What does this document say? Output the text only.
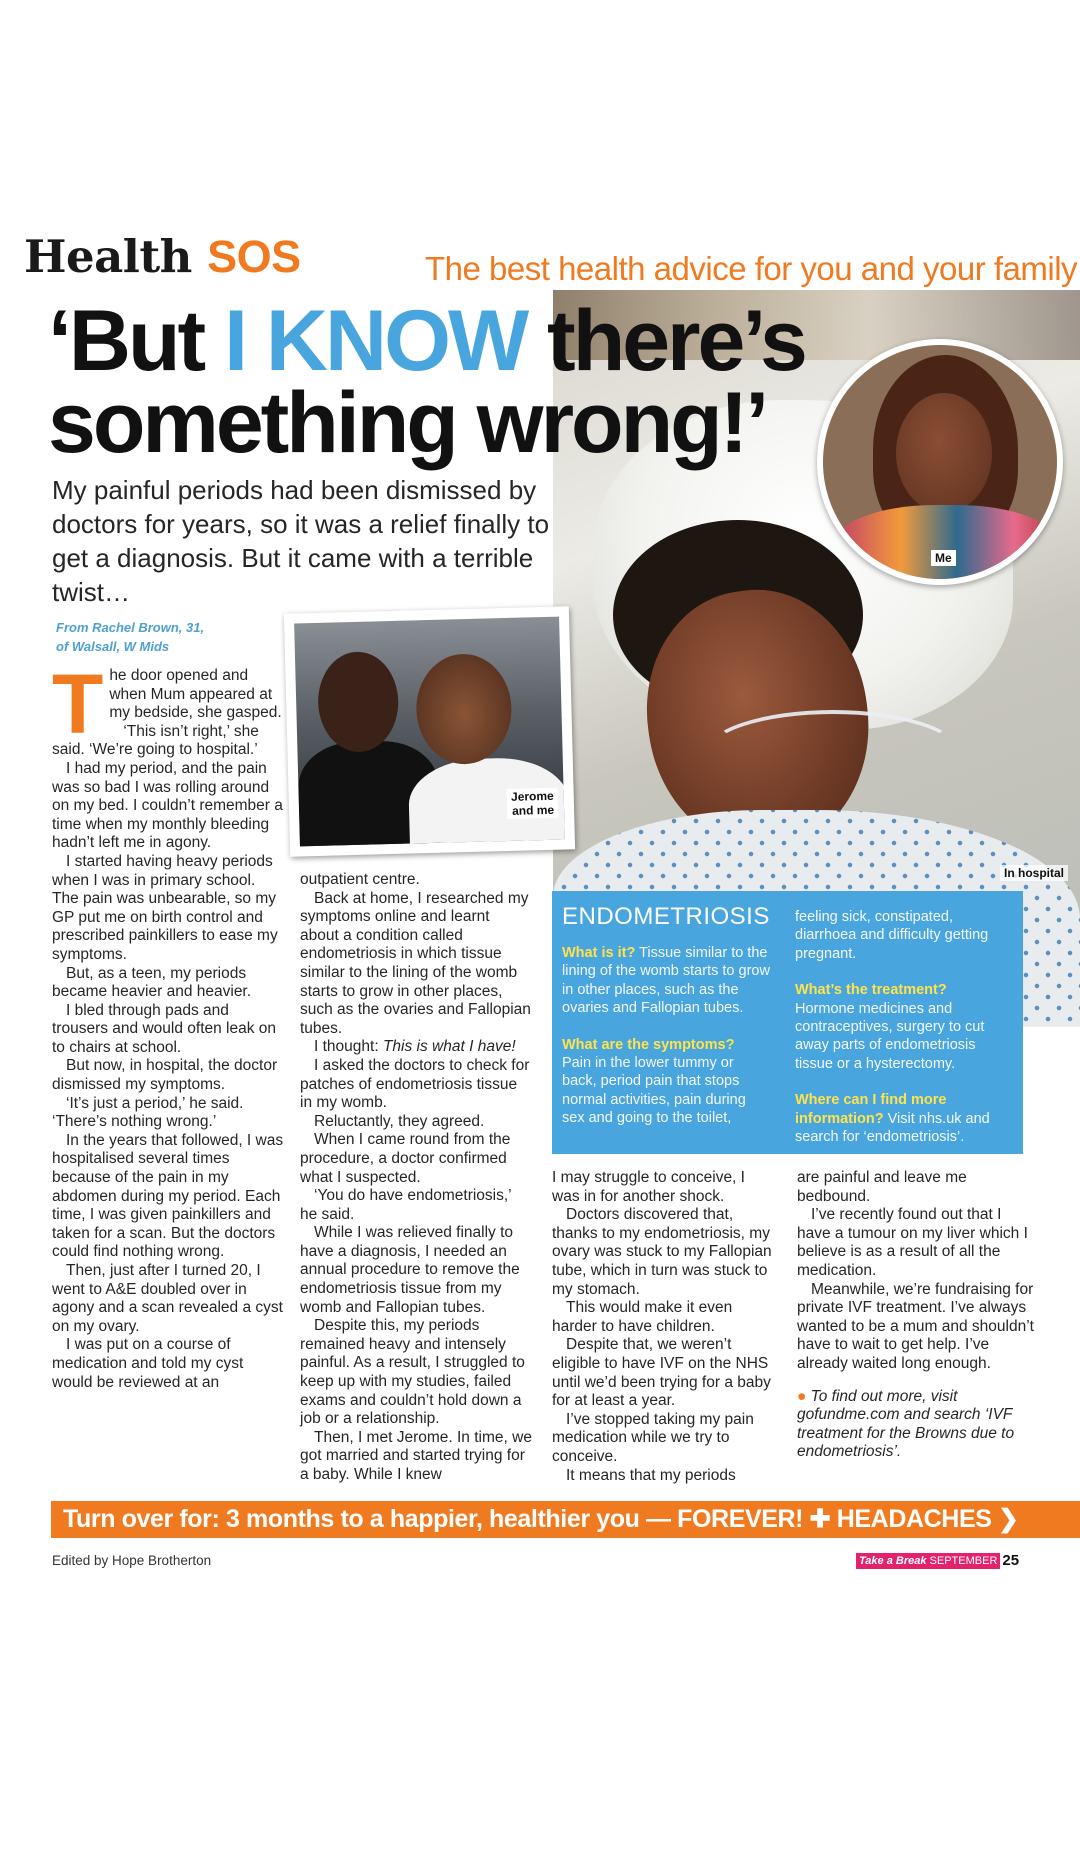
Health SOS	The best health advice for you and your family
In hospital
‘But I KNOW there’s
something wrong!’
Me

My painful periods had been dismissed by doctors for years, so it was a relief finally to get a diagnosis. But it came with a terrible twist…

From Rachel Brown, 31,
of Walsall, W Mids
Jerome
and me
T he door opened and when Mum appeared at my bedside, she gasped.

‘This isn’t right,’ she said. ‘We’re going to hospital.’

I had my period, and the pain was so bad I was rolling around on my bed. I couldn’t remember a time when my monthly bleeding hadn’t left me in agony.

I started having heavy periods when I was in primary school. The pain was unbearable, so my GP put me on birth control and prescribed painkillers to ease my symptoms.

But, as a teen, my periods became heavier and heavier.

I bled through pads and trousers and would often leak on to chairs at school.

But now, in hospital, the doctor dismissed my symptoms.

‘It’s just a period,’ he said. ‘There’s nothing wrong.’

In the years that followed, I was hospitalised several times because of the pain in my abdomen during my period. Each time, I was given painkillers and taken for a scan. But the doctors could find nothing wrong.

Then, just after I turned 20, I went to A&E doubled over in agony and a scan revealed a cyst on my ovary.

I was put on a course of medication and told my cyst would be reviewed at an

outpatient centre.

Back at home, I researched my symptoms online and learnt about a condition called endometriosis in which tissue similar to the lining of the womb starts to grow in other places, such as the ovaries and Fallopian tubes.

I thought: This is what I have!

I asked the doctors to check for patches of endometriosis tissue in my womb.

Reluctantly, they agreed.

When I came round from the procedure, a doctor confirmed what I suspected.

‘You do have endometriosis,’ he said.

While I was relieved finally to have a diagnosis, I needed an annual procedure to remove the endometriosis tissue from my womb and Fallopian tubes.

Despite this, my periods remained heavy and intensely painful. As a result, I struggled to keep up with my studies, failed exams and couldn’t hold down a job or a relationship.

Then, I met Jerome. In time, we got married and started trying for a baby. While I knew

ENDOMETRIOSIS

What is it? Tissue similar to the lining of the womb starts to grow in other places, such as the ovaries and Fallopian tubes.

What are the symptoms?
Pain in the lower tummy or back, period pain that stops normal activities, pain during sex and going to the toilet,

feeling sick, constipated, diarrhoea and difficulty getting pregnant.

What’s the treatment?
Hormone medicines and contraceptives, surgery to cut away parts of endometriosis tissue or a hysterectomy.

Where can I find more information? Visit nhs.uk and search for ‘endometriosis’.

I may struggle to conceive, I was in for another shock.

Doctors discovered that, thanks to my endometriosis, my ovary was stuck to my Fallopian tube, which in turn was stuck to my stomach.

This would make it even harder to have children.

Despite that, we weren’t eligible to have IVF on the NHS until we’d been trying for a baby for at least a year.

I’ve stopped taking my pain medication while we try to conceive.

It means that my periods

are painful and leave me bedbound.

I’ve recently found out that I have a tumour on my liver which I believe is as a result of all the medication.

Meanwhile, we’re fundraising for private IVF treatment. I’ve always wanted to be a mum and shouldn’t have to wait to get help. I’ve already waited long enough.

● To find out more, visit gofundme.com and search ‘IVF treatment for the Browns due to endometriosis’.

Turn over for: 3 months to a happier, healthier you — FOREVER! ✚ HEADACHES ❯
Edited by Hope Brotherton	Take a Break SEPTEMBER 25
